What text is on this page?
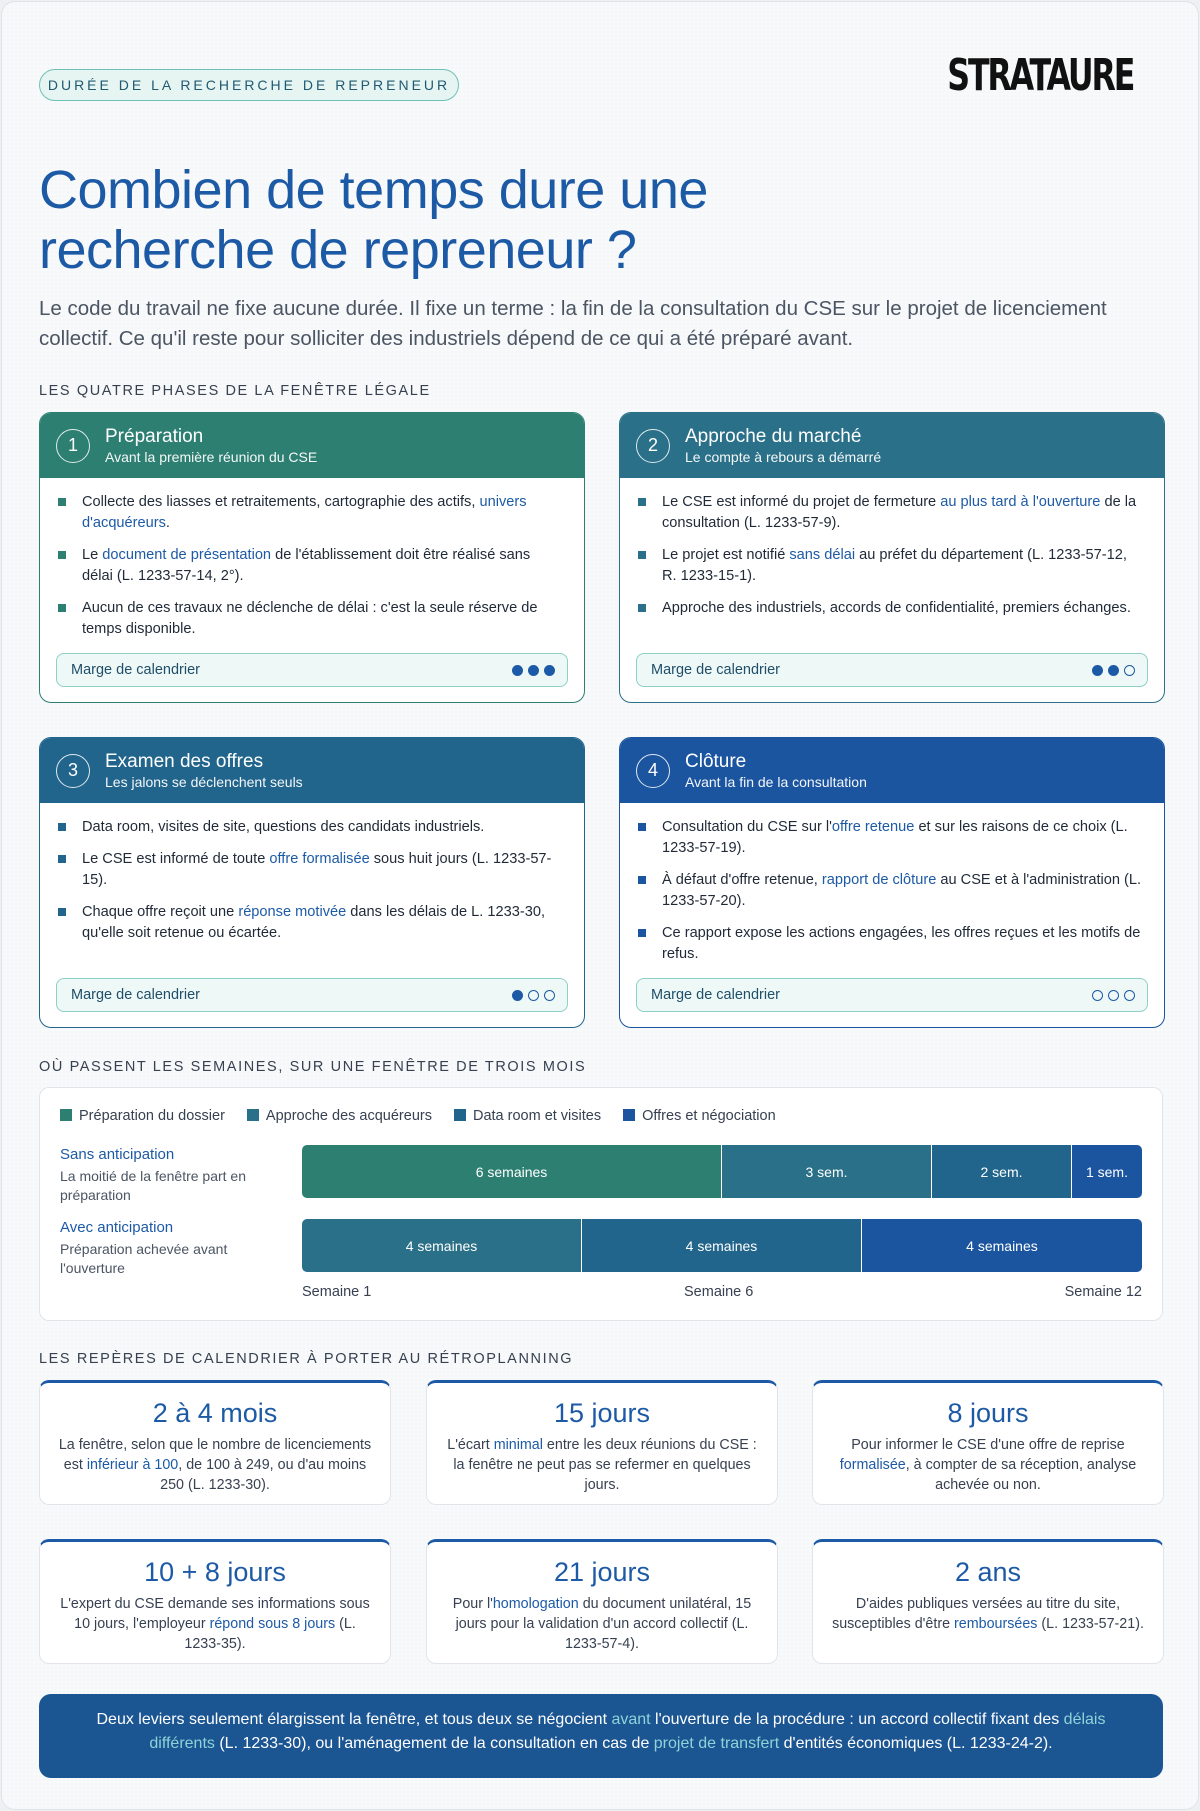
DURÉE DE LA RECHERCHE DE REPRENEUR	STRATAURE
Combien de temps dure une recherche de repreneur ?

Le code du travail ne fixe aucune durée. Il fixe un terme : la fin de la consultation du CSE sur le projet de licenciement collectif. Ce qu'il reste pour solliciter des industriels dépend de ce qui a été préparé avant.

LES QUATRE PHASES DE LA FENÊTRE LÉGALE
1	Préparation
Avant la première réunion du CSE
Collecte des liasses et retraitements, cartographie des actifs, univers d'acquéreurs.
Le document de présentation de l'établissement doit être réalisé sans délai (L. 1233-57-14, 2°).
Aucun de ces travaux ne déclenche de délai : c'est la seule réserve de temps disponible.
Marge de calendrier
2	Approche du marché
Le compte à rebours a démarré
Le CSE est informé du projet de fermeture au plus tard à l'ouverture de la consultation (L. 1233-57-9).
Le projet est notifié sans délai au préfet du département (L. 1233-57-12, R. 1233-15-1).
Approche des industriels, accords de confidentialité, premiers échanges.
Marge de calendrier
3	Examen des offres
Les jalons se déclenchent seuls
Data room, visites de site, questions des candidats industriels.
Le CSE est informé de toute offre formalisée sous huit jours (L. 1233-57-15).
Chaque offre reçoit une réponse motivée dans les délais de L. 1233-30, qu'elle soit retenue ou écartée.
Marge de calendrier
4	Clôture
Avant la fin de la consultation
Consultation du CSE sur l'offre retenue et sur les raisons de ce choix (L. 1233-57-19).
À défaut d'offre retenue, rapport de clôture au CSE et à l'administration (L. 1233-57-20).
Ce rapport expose les actions engagées, les offres reçues et les motifs de refus.
Marge de calendrier
OÙ PASSENT LES SEMAINES, SUR UNE FENÊTRE DE TROIS MOIS
Préparation du dossier	Approche des acquéreurs	Data room et visites	Offres et négociation
Sans anticipation
La moitié de la fenêtre part en préparation
6 semaines	3 sem.	2 sem.	1 sem.
Avec anticipation
Préparation achevée avant l'ouverture
4 semaines	4 semaines	4 semaines
Semaine 1	Semaine 6	Semaine 12
LES REPÈRES DE CALENDRIER À PORTER AU RÉTROPLANNING
2 à 4 mois
La fenêtre, selon que le nombre de licenciements est inférieur à 100, de 100 à 249, ou d'au moins 250 (L. 1233-30).
15 jours
L'écart minimal entre les deux réunions du CSE : la fenêtre ne peut pas se refermer en quelques jours.
8 jours
Pour informer le CSE d'une offre de reprise formalisée, à compter de sa réception, analyse achevée ou non.
10 + 8 jours
L'expert du CSE demande ses informations sous 10 jours, l'employeur répond sous 8 jours (L. 1233-35).
21 jours
Pour l'homologation du document unilatéral, 15 jours pour la validation d'un accord collectif (L. 1233-57-4).
2 ans
D'aides publiques versées au titre du site, susceptibles d'être remboursées (L. 1233-57-21).
Deux leviers seulement élargissent la fenêtre, et tous deux se négocient avant l'ouverture de la procédure : un accord collectif fixant des délais différents (L. 1233-30), ou l'aménagement de la consultation en cas de projet de transfert d'entités économiques (L. 1233-24-2).
